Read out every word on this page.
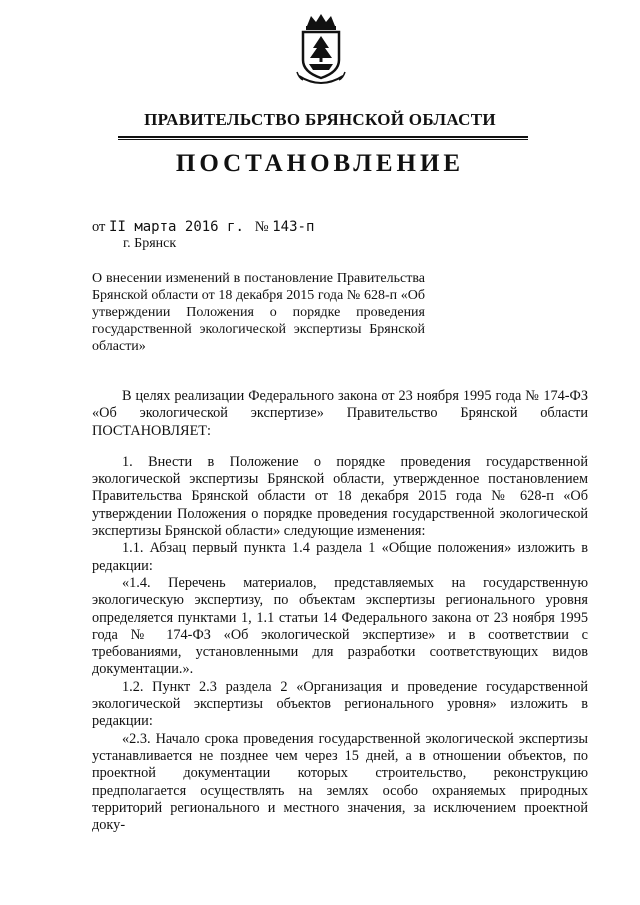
ПРАВИТЕЛЬСТВО БРЯНСКОЙ ОБЛАСТИ
ПОСТАНОВЛЕНИЕ
от II марта 2016 г. № 143-п
г. Брянск
О внесении изменений в постановление Правительства Брянской области от 18 декабря 2015 года № 628-п «Об утверждении Положения о порядке проведения государственной экологической экспертизы Брянской области»

В целях реализации Федерального закона от 23 ноября 1995 года № 174-ФЗ «Об экологической экспертизе» Правительство Брянской области ПОСТАНОВЛЯЕТ:

1. Внести в Положение о порядке проведения государственной экологической экспертизы Брянской области, утвержденное постановлением Правительства Брянской области от 18 декабря 2015 года № 628-п «Об утверждении Положения о порядке проведения государственной экологической экспертизы Брянской области» следующие изменения:

1.1. Абзац первый пункта 1.4 раздела 1 «Общие положения» изложить в редакции:

«1.4. Перечень материалов, представляемых на государственную экологическую экспертизу, по объектам экспертизы регионального уровня определяется пунктами 1, 1.1 статьи 14 Федерального закона от 23 ноября 1995 года № 174-ФЗ «Об экологической экспертизе» и в соответствии с требованиями, установленными для разработки соответствующих видов документации.».

1.2. Пункт 2.3 раздела 2 «Организация и проведение государственной экологической экспертизы объектов регионального уровня» изложить в редакции:

«2.3. Начало срока проведения государственной экологической экспертизы устанавливается не позднее чем через 15 дней, а в отношении объектов, по проектной документации которых строительство, реконструкцию предполагается осуществлять на землях особо охраняемых природных территорий регионального и местного значения, за исключением проектной доку-
